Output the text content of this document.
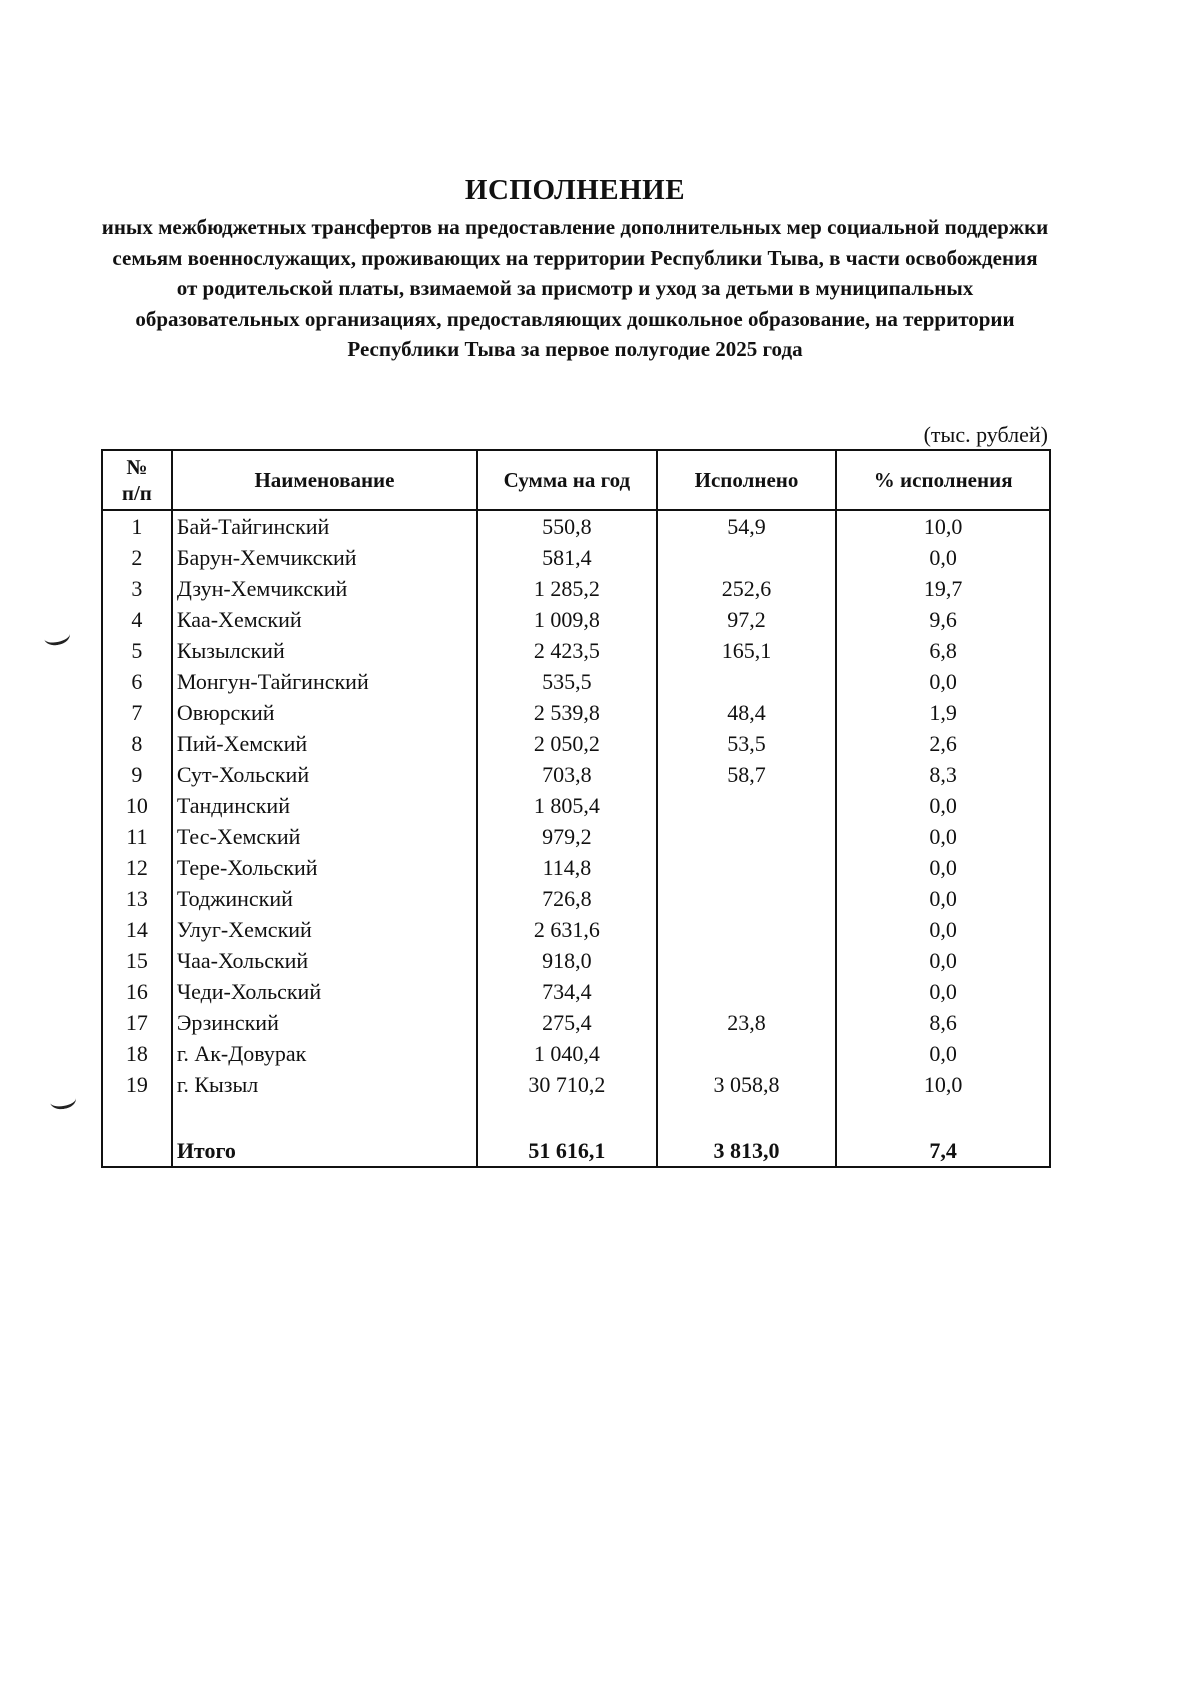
ИСПОЛНЕНИЕ
иных межбюджетных трансфертов на предоставление дополнительных мер социальной поддержки семьям военнослужащих, проживающих на территории Республики Тыва, в части освобождения от родительской платы, взимаемой за присмотр и уход за детьми в муниципальных образовательных организациях, предоставляющих дошкольное образование, на территории Республики Тыва за первое полугодие 2025 года
(тыс. рублей)
№
п/п	Наименование	Сумма на год	Исполнено	% исполнения
1	Бай-Тайгинский	550,8	54,9	10,0
2	Барун-Хемчикский	581,4		0,0
3	Дзун-Хемчикский	1 285,2	252,6	19,7
4	Каа-Хемский	1 009,8	97,2	9,6
5	Кызылский	2 423,5	165,1	6,8
6	Монгун-Тайгинский	535,5		0,0
7	Овюрский	2 539,8	48,4	1,9
8	Пий-Хемский	2 050,2	53,5	2,6
9	Сут-Хольский	703,8	58,7	8,3
10	Тандинский	1 805,4		0,0
11	Тес-Хемский	979,2		0,0
12	Тере-Хольский	114,8		0,0
13	Тоджинский	726,8		0,0
14	Улуг-Хемский	2 631,6		0,0
15	Чаа-Хольский	918,0		0,0
16	Чеди-Хольский	734,4		0,0
17	Эрзинский	275,4	23,8	8,6
18	г. Ак-Довурак	1 040,4		0,0
19	г. Кызыл	30 710,2	3 058,8	10,0

	Итого	51 616,1	3 813,0	7,4
